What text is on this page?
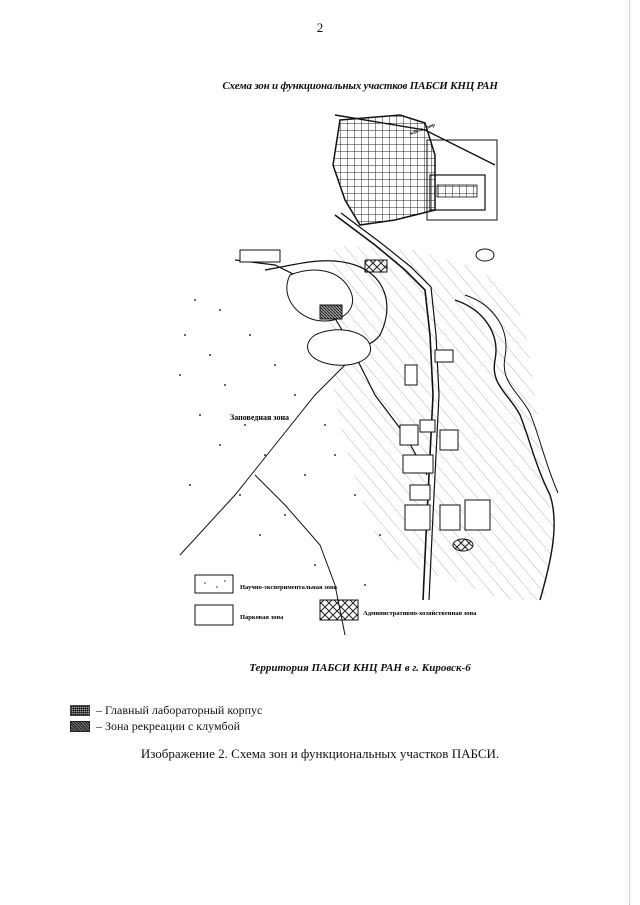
2
Схема зон и функциональных участков ПАБСИ КНЦ РАН
Заповедная зона
ждк. в Энер
Научно-экспериментальная зона
Парковая зона
Административно-хозяйственная зона
Территория ПАБСИ КНЦ РАН в г. Кировск-6
– Главный лабораторный корпус
– Зона рекреации с клумбой
Изображение 2. Схема зон и функциональных участков ПАБСИ.
